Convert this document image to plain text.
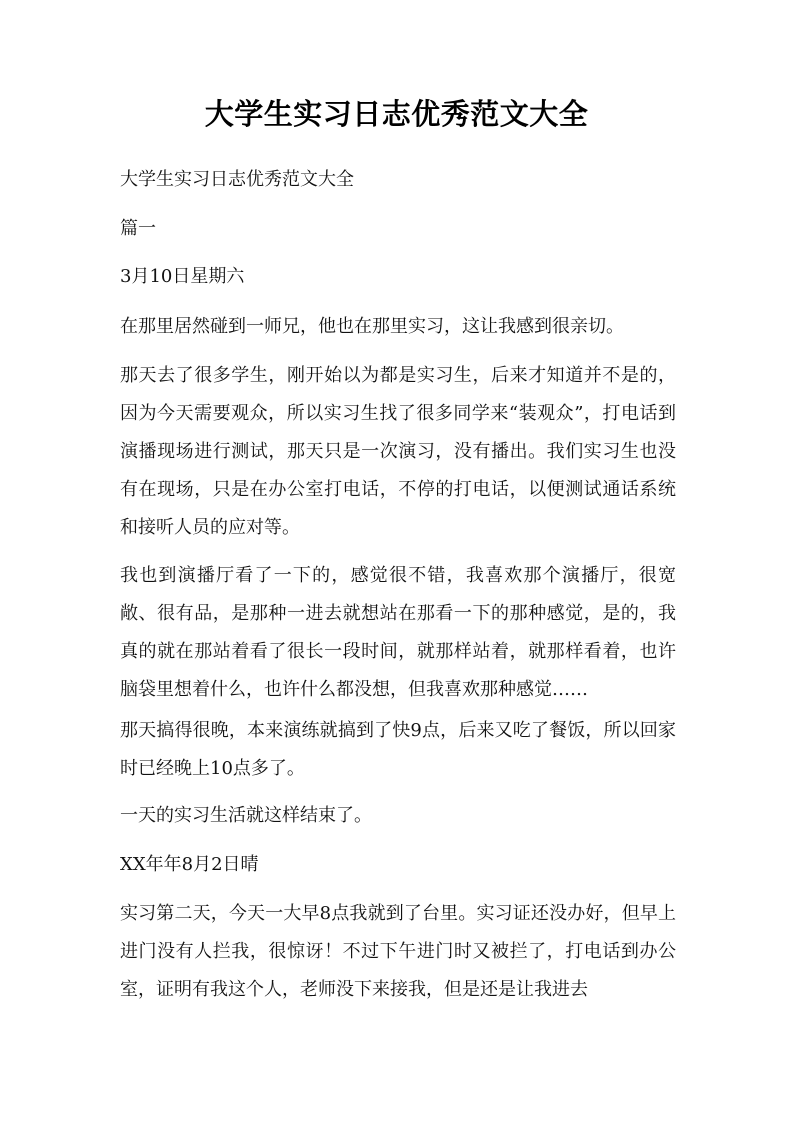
大学生实习日志优秀范文大全
大学生实习日志优秀范文大全
篇一
3月10日星期六
在那里居然碰到一师兄，他也在那里实习，这让我感到很亲切。
那天去了很多学生，刚开始以为都是实习生，后来才知道并不是的，因为今天需要观众，所以实习生找了很多同学来“装观众”，打电话到演播现场进行测试，那天只是一次演习，没有播出。我们实习生也没有在现场，只是在办公室打电话，不停的打电话，以便测试通话系统和接听人员的应对等。
我也到演播厅看了一下的，感觉很不错，我喜欢那个演播厅，很宽敞、很有品，是那种一进去就想站在那看一下的那种感觉，是的，我真的就在那站着看了很长一段时间，就那样站着，就那样看着，也许脑袋里想着什么，也许什么都没想，但我喜欢那种感觉……
那天搞得很晚，本来演练就搞到了快9点，后来又吃了餐饭，所以回家时已经晚上10点多了。
一天的实习生活就这样结束了。
XX年年8月2日晴
实习第二天，今天一大早8点我就到了台里。实习证还没办好，但早上进门没有人拦我，很惊讶！不过下午进门时又被拦了，打电话到办公室，证明有我这个人，老师没下来接我，但是还是让我进去
